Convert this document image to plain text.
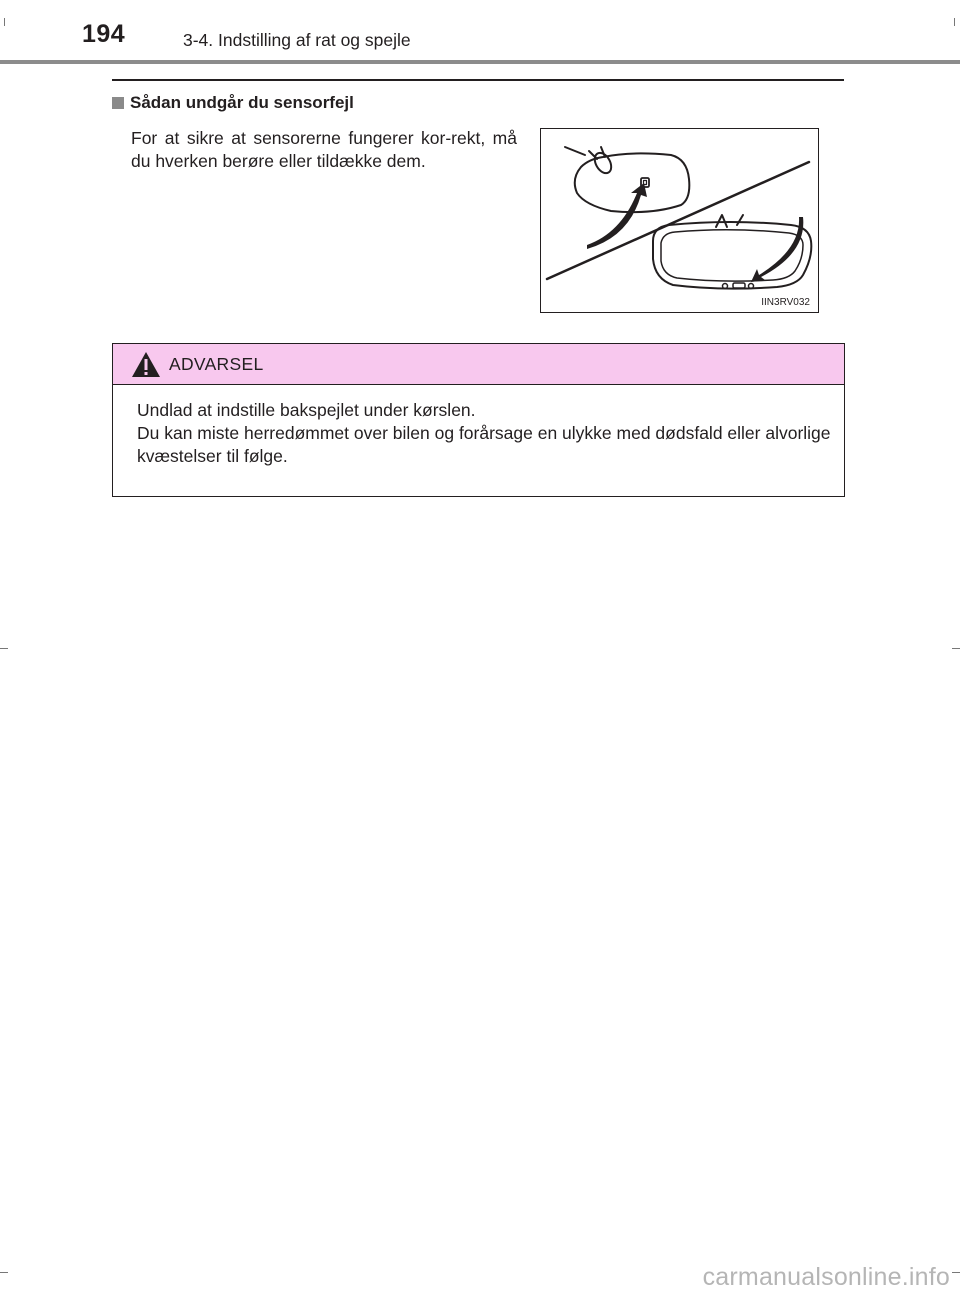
194	3-4. Indstilling af rat og spejle
Sådan undgår du sensorfejl

For at sikre at sensorerne fungerer kor-rekt, må du hverken berøre eller tildække dem.

IIN3RV032
ADVARSEL

Undlad at indstille bakspejlet under kørslen.

Du kan miste herredømmet over bilen og forårsage en ulykke med dødsfald eller alvorlige kvæstelser til følge.

carmanualsonline.info
